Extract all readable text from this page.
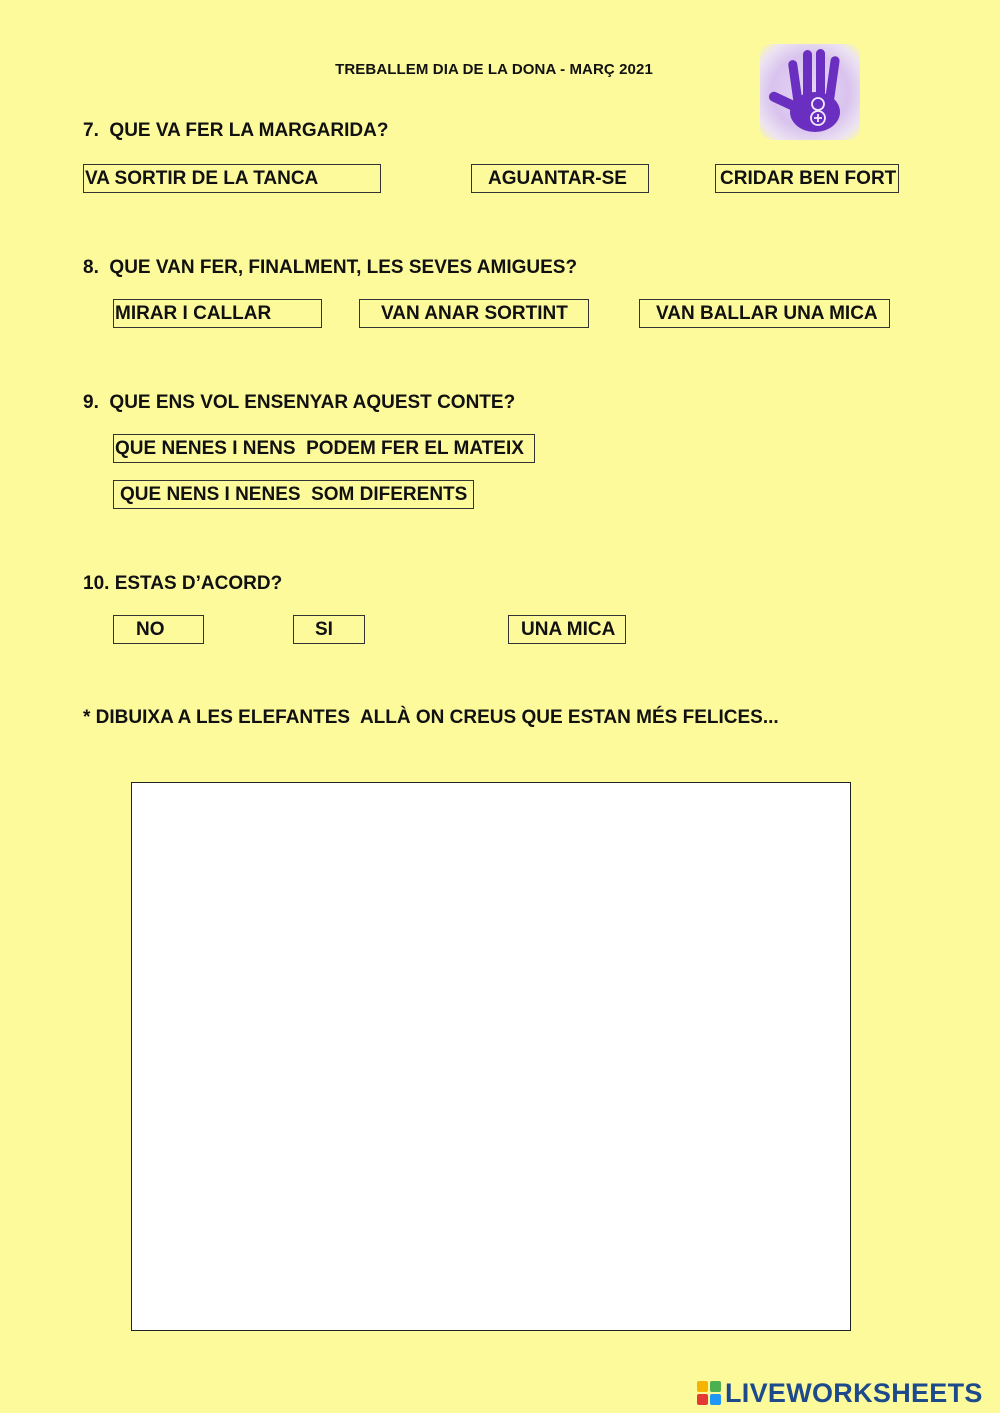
TREBALLEM DIA DE LA DONA - MARÇ 2021
7. QUE VA FER LA MARGARIDA?
VA SORTIR DE LA TANCA	AGUANTAR-SE	CRIDAR BEN FORT
8. QUE VAN FER, FINALMENT, LES SEVES AMIGUES?
MIRAR I CALLAR	VAN ANAR SORTINT	VAN BALLAR UNA MICA
9. QUE ENS VOL ENSENYAR AQUEST CONTE?
QUE NENES I NENS  PODEM FER EL MATEIX
QUE NENS I NENES  SOM DIFERENTS
10. ESTAS D’ACORD?
NO	SI	UNA MICA
* DIBUIXA A LES ELEFANTES  ALLÀ ON CREUS QUE ESTAN MÉS FELICES...
LIVEWORKSHEETS
